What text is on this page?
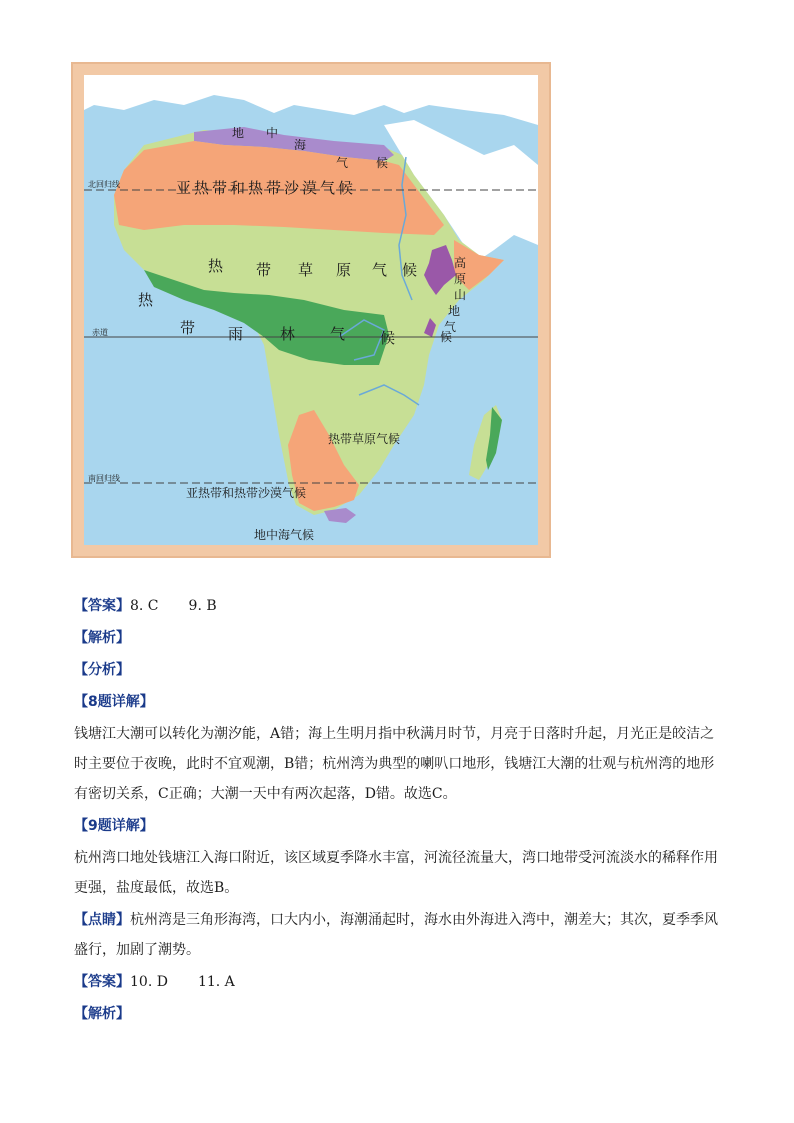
地 中
海
气 候
亚热带和热带沙漠气候
北回归线
热 带 草 原 气 候
热
带 雨 林 气 候
赤道
高
原
山
地
气
候
热带草原气候
南回归线
亚热带和热带沙漠气候
地中海气候
【答案】8. C 9. B
【解析】
【分析】
【8题详解】
钱塘江大潮可以转化为潮汐能，A错；海上生明月指中秋满月时节，月亮于日落时升起，月光正是皎洁之
时主要位于夜晚，此时不宜观潮，B错；杭州湾为典型的喇叭口地形，钱塘江大潮的壮观与杭州湾的地形
有密切关系，C正确；大潮一天中有两次起落，D错。故选C。
【9题详解】
杭州湾口地处钱塘江入海口附近，该区域夏季降水丰富，河流径流量大，湾口地带受河流淡水的稀释作用
更强，盐度最低，故选B。
【点睛】杭州湾是三角形海湾，口大内小，海潮涌起时，海水由外海进入湾中，潮差大；其次，夏季季风
盛行，加剧了潮势。
【答案】10. D 11. A
【解析】
